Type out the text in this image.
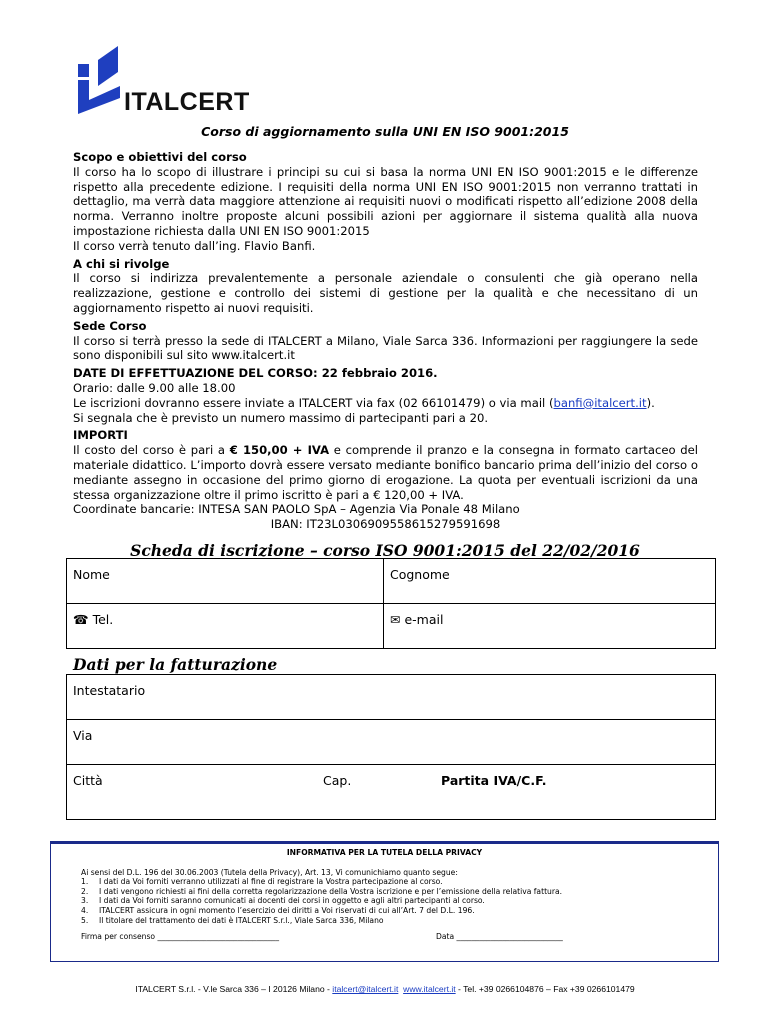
ITALCERT
Corso di aggiornamento sulla UNI EN ISO 9001:2015
Scopo e obiettivi del corso

Il corso ha lo scopo di illustrare i principi su cui si basa la norma UNI EN ISO 9001:2015 e le differenze rispetto alla precedente edizione. I requisiti della norma UNI EN ISO 9001:2015 non verranno trattati in dettaglio, ma verrà data maggiore attenzione ai requisiti nuovi o modificati rispetto all’edizione 2008 della norma. Verranno inoltre proposte alcuni possibili azioni per aggiornare il sistema qualità alla nuova impostazione richiesta dalla UNI EN ISO 9001:2015

Il corso verrà tenuto dall’ing. Flavio Banfi.

A chi si rivolge

Il corso si indirizza prevalentemente a personale aziendale o consulenti che già operano nella realizzazione, gestione e controllo dei sistemi di gestione per la qualità e che necessitano di un aggiornamento rispetto ai nuovi requisiti.

Sede Corso

Il corso si terrà presso la sede di ITALCERT a Milano, Viale Sarca 336. Informazioni per raggiungere la sede sono disponibili sul sito www.italcert.it

DATE DI EFFETTUAZIONE DEL CORSO: 22 febbraio 2016.
Orario: dalle 9.00 alle 18.00
Le iscrizioni dovranno essere inviate a ITALCERT via fax (02 66101479) o via mail (banfi@italcert.it).
Si segnala che è previsto un numero massimo di partecipanti pari a 20.
IMPORTI

Il costo del corso è pari a € 150,00 + IVA e comprende il pranzo e la consegna in formato cartaceo del materiale didattico. L’importo dovrà essere versato mediante bonifico bancario prima dell’inizio del corso o mediante assegno in occasione del primo giorno di erogazione. La quota per eventuali iscrizioni da una stessa organizzazione oltre il primo iscritto è pari a € 120,00 + IVA.

Coordinate bancarie: INTESA SAN PAOLO SpA – Agenzia Via Ponale 48 Milano
IBAN: IT23L0306909558615279591698
Scheda di iscrizione – corso ISO 9001:2015 del 22/02/2016
Nome	Cognome
☎ Tel.	✉ e-mail
Dati per la fatturazione
Intestatario
Via

Città	Cap.	Partita IVA/C.F.
INFORMATIVA PER LA TUTELA DELLA PRIVACY
Ai sensi del D.L. 196 del 30.06.2003 (Tutela della Privacy), Art. 13, Vi comunichiamo quanto segue:
1. I dati da Voi forniti verranno utilizzati al fine di registrare la Vostra partecipazione al corso.
2. I dati vengono richiesti ai fini della corretta regolarizzazione della Vostra iscrizione e per l’emissione della relativa fattura.
3. I dati da Voi forniti saranno comunicati ai docenti dei corsi in oggetto e agli altri partecipanti al corso.
4. ITALCERT assicura in ogni momento l’esercizio dei diritti a Voi riservati di cui all’Art. 7 del D.L. 196.
5. Il titolare del trattamento dei dati è ITALCERT S.r.l., Viale Sarca 336, Milano
Firma per consenso ________________________________	Data ____________________________
ITALCERT S.r.l. - V.le Sarca 336 – I 20126 Milano - italcert@italcert.it www.italcert.it - Tel. +39 0266104876 – Fax +39 0266101479
